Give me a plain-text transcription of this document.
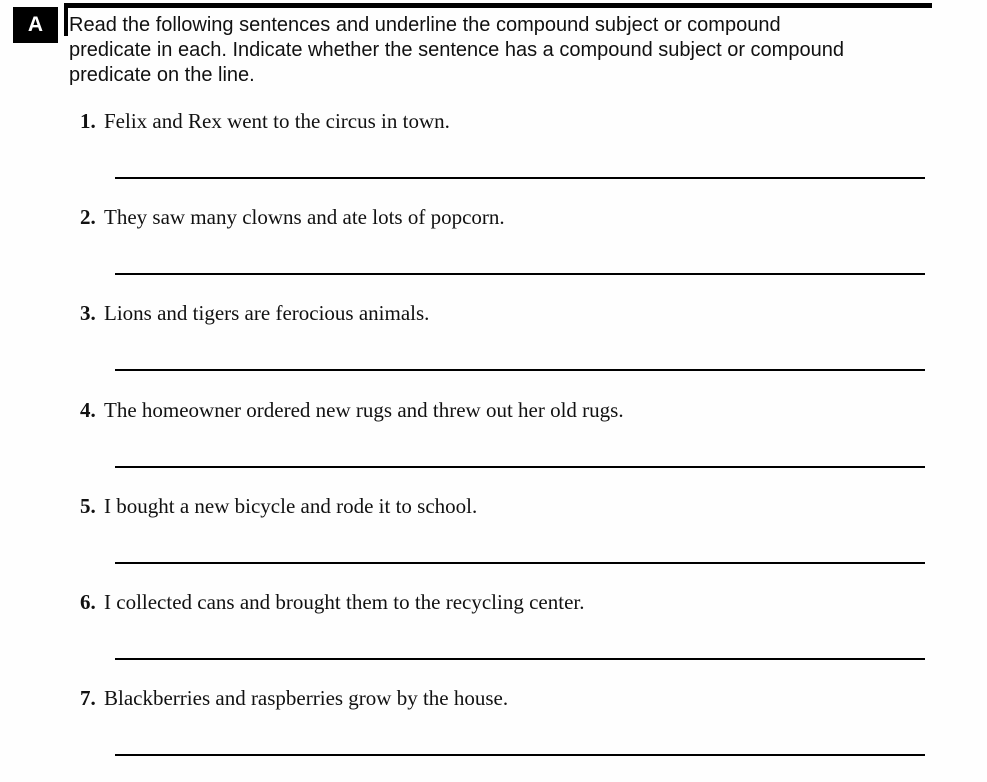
A Read the following sentences and underline the compound subject or compound
predicate in each. Indicate whether the sentence has a compound subject or compound
predicate on the line.
1. Felix and Rex went to the circus in town.
2. They saw many clowns and ate lots of popcorn.
3. Lions and tigers are ferocious animals.
4. The homeowner ordered new rugs and threw out her old rugs.
5. I bought a new bicycle and rode it to school.
6. I collected cans and brought them to the recycling center.
7. Blackberries and raspberries grow by the house.
